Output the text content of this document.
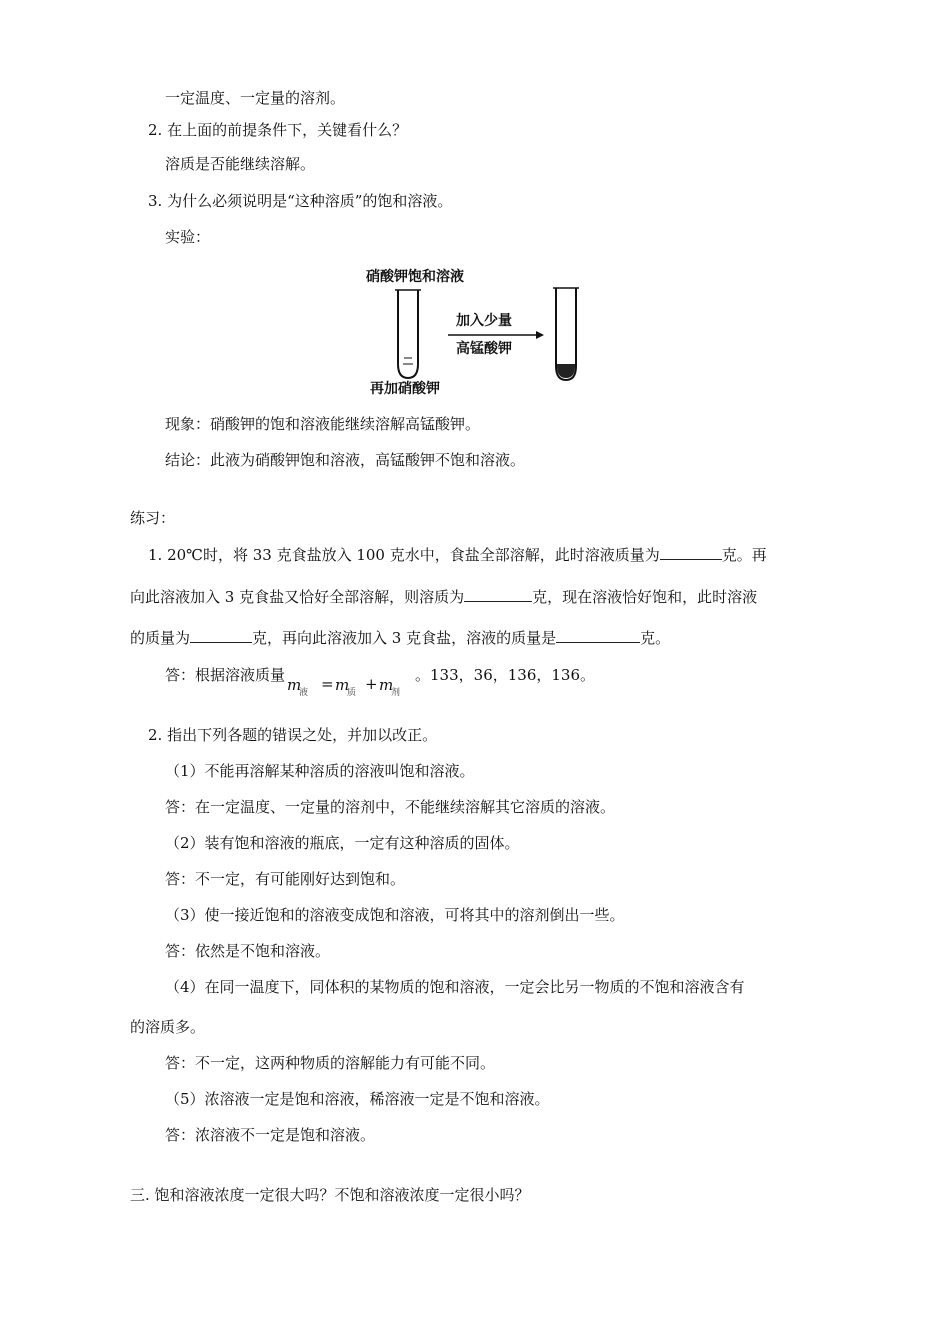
一定温度、一定量的溶剂。
2. 在上面的前提条件下，关键看什么？
溶质是否能继续溶解。
3. 为什么必须说明是“这种溶质”的饱和溶液。
实验：
硝酸钾饱和溶液
加入少量
高锰酸钾
再加硝酸钾
现象：硝酸钾的饱和溶液能继续溶解高锰酸钾。
结论：此液为硝酸钾饱和溶液，高锰酸钾不饱和溶液。
练习：
1. 20℃时，将 33 克食盐放入 100 克水中，食盐全部溶解，此时溶液质量为	克。再
向此溶液加入 3 克食盐又恰好全部溶解，则溶质为	克，现在溶液恰好饱和，此时溶液
的质量为	克，再向此溶液加入 3 克食盐，溶液的质量是	克。
答：根据溶液质量
m
液 = m
质 + m
剂
。133，36，136，136。
2. 指出下列各题的错误之处，并加以改正。
（1）不能再溶解某种溶质的溶液叫饱和溶液。
答：在一定温度、一定量的溶剂中，不能继续溶解其它溶质的溶液。
（2）装有饱和溶液的瓶底，一定有这种溶质的固体。
答：不一定，有可能刚好达到饱和。
（3）使一接近饱和的溶液变成饱和溶液，可将其中的溶剂倒出一些。
答：依然是不饱和溶液。
（4）在同一温度下，同体积的某物质的饱和溶液，一定会比另一物质的不饱和溶液含有
的溶质多。
答：不一定，这两种物质的溶解能力有可能不同。
（5）浓溶液一定是饱和溶液，稀溶液一定是不饱和溶液。
答：浓溶液不一定是饱和溶液。
三. 饱和溶液浓度一定很大吗？不饱和溶液浓度一定很小吗？
